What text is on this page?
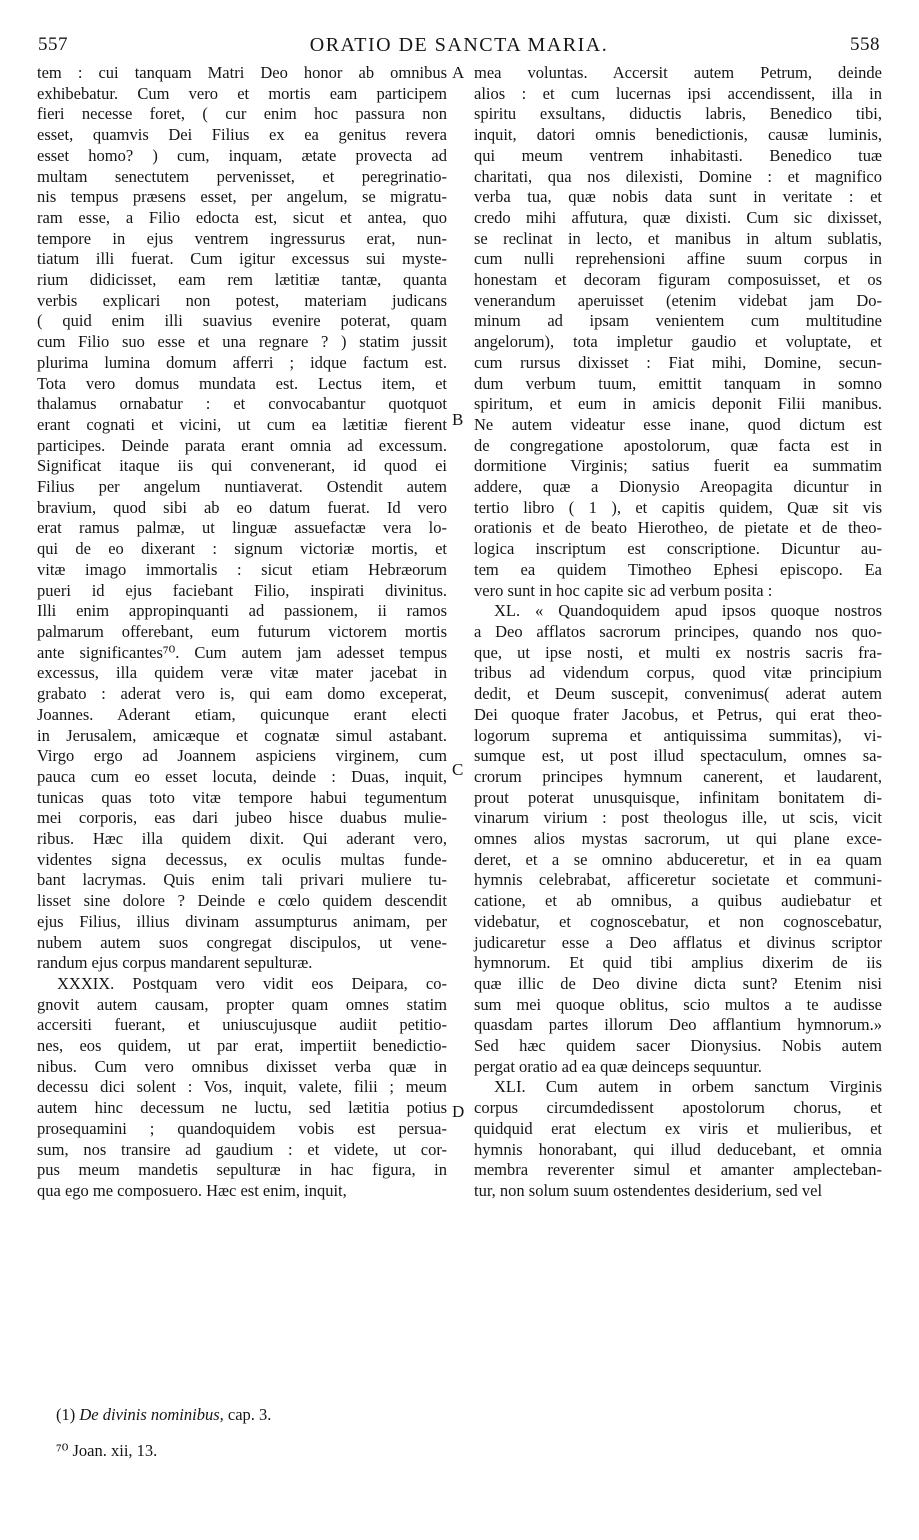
557	ORATIO DE SANCTA MARIA.	558
tem : cui tanquam Matri Deo honor ab omnibus
exhibebatur. Cum vero et mortis eam participem
fieri necesse foret, ( cur enim hoc passura non
esset, quamvis Dei Filius ex ea genitus revera
esset homo? ) cum, inquam, ætate provecta ad
multam senectutem pervenisset, et peregrinatio-
nis tempus præsens esset, per angelum, se migratu-
ram esse, a Filio edocta est, sicut et antea, quo
tempore in ejus ventrem ingressurus erat, nun-
tiatum illi fuerat. Cum igitur excessus sui myste-
rium didicisset, eam rem lætitiæ tantæ, quanta
verbis explicari non potest, materiam judicans
( quid enim illi suavius evenire poterat, quam
cum Filio suo esse et una regnare ? ) statim jussit
plurima lumina domum afferri ; idque factum est.
Tota vero domus mundata est. Lectus item, et
thalamus ornabatur : et convocabantur quotquot
erant cognati et vicini, ut cum ea lætitiæ fierent
participes. Deinde parata erant omnia ad excessum.
Significat itaque iis qui convenerant, id quod ei
Filius per angelum nuntiaverat. Ostendit autem
bravium, quod sibi ab eo datum fuerat. Id vero
erat ramus palmæ, ut linguæ assuefactæ vera lo-
qui de eo dixerant : signum victoriæ mortis, et
vitæ imago immortalis : sicut etiam Hebræorum
pueri id ejus faciebant Filio, inspirati divinitus.
Illi enim appropinquanti ad passionem, ii ramos
palmarum offerebant, eum futurum victorem mortis
ante significantes⁷⁰. Cum autem jam adesset tempus
excessus, illa quidem veræ vitæ mater jacebat in
grabato : aderat vero is, qui eam domo exceperat,
Joannes. Aderant etiam, quicunque erant electi
in Jerusalem, amicæque et cognatæ simul astabant.
Virgo ergo ad Joannem aspiciens virginem, cum
pauca cum eo esset locuta, deinde : Duas, inquit,
tunicas quas toto vitæ tempore habui tegumentum
mei corporis, eas dari jubeo hisce duabus mulie-
ribus. Hæc illa quidem dixit. Qui aderant vero,
videntes signa decessus, ex oculis multas funde-
bant lacrymas. Quis enim tali privari muliere tu-
lisset sine dolore ? Deinde e cœlo quidem descendit
ejus Filius, illius divinam assumpturus animam, per
nubem autem suos congregat discipulos, ut vene-
randum ejus corpus mandarent sepulturæ.
XXXIX. Postquam vero vidit eos Deipara, co-
gnovit autem causam, propter quam omnes statim
accersiti fuerant, et uniuscujusque audiit petitio-
nes, eos quidem, ut par erat, impertiit benedictio-
nibus. Cum vero omnibus dixisset verba quæ in
decessu dici solent : Vos, inquit, valete, filii ; meum
autem hinc decessum ne luctu, sed lætitia potius
prosequamini ; quandoquidem vobis est persua-
sum, nos transire ad gaudium : et videte, ut cor-
pus meum mandetis sepulturæ in hac figura, in
qua ego me composuero. Hæc est enim, inquit,
mea voluntas. Accersit autem Petrum, deinde
alios : et cum lucernas ipsi accendissent, illa in
spiritu exsultans, diductis labris, Benedico tibi,
inquit, datori omnis benedictionis, causæ luminis,
qui meum ventrem inhabitasti. Benedico tuæ
charitati, qua nos dilexisti, Domine : et magnifico
verba tua, quæ nobis data sunt in veritate : et
credo mihi affutura, quæ dixisti. Cum sic dixisset,
se reclinat in lecto, et manibus in altum sublatis,
cum nulli reprehensioni affine suum corpus in
honestam et decoram figuram composuisset, et os
venerandum aperuisset (etenim videbat jam Do-
minum ad ipsam venientem cum multitudine
angelorum), tota impletur gaudio et voluptate, et
cum rursus dixisset : Fiat mihi, Domine, secun-
dum verbum tuum, emittit tanquam in somno
spiritum, et eum in amicis deponit Filii manibus.
Ne autem videatur esse inane, quod dictum est
de congregatione apostolorum, quæ facta est in
dormitione Virginis; satius fuerit ea summatim
addere, quæ a Dionysio Areopagita dicuntur in
tertio libro ( 1 ), et capitis quidem, Quæ sit vis
orationis et de beato Hierotheo, de pietate et de theo-
logica inscriptum est conscriptione. Dicuntur au-
tem ea quidem Timotheo Ephesi episcopo. Ea
vero sunt in hoc capite sic ad verbum posita :
XL. « Quandoquidem apud ipsos quoque nostros
a Deo afflatos sacrorum principes, quando nos quo-
que, ut ipse nosti, et multi ex nostris sacris fra-
tribus ad videndum corpus, quod vitæ principium
dedit, et Deum suscepit, convenimus( aderat autem
Dei quoque frater Jacobus, et Petrus, qui erat theo-
logorum suprema et antiquissima summitas), vi-
sumque est, ut post illud spectaculum, omnes sa-
crorum principes hymnum canerent, et laudarent,
prout poterat unusquisque, infinitam bonitatem di-
vinarum virium : post theologus ille, ut scis, vicit
omnes alios mystas sacrorum, ut qui plane exce-
deret, et a se omnino abduceretur, et in ea quam
hymnis celebrabat, afficeretur societate et communi-
catione, et ab omnibus, a quibus audiebatur et
videbatur, et cognoscebatur, et non cognoscebatur,
judicaretur esse a Deo afflatus et divinus scriptor
hymnorum. Et quid tibi amplius dixerim de iis
quæ illic de Deo divine dicta sunt? Etenim nisi
sum mei quoque oblitus, scio multos a te audisse
quasdam partes illorum Deo afflantium hymnorum.»
Sed hæc quidem sacer Dionysius. Nobis autem
pergat oratio ad ea quæ deinceps sequuntur.
XLI. Cum autem in orbem sanctum Virginis
corpus circumdedissent apostolorum chorus, et
quidquid erat electum ex viris et mulieribus, et
hymnis honorabant, qui illud deducebant, et omnia
membra reverenter simul et amanter amplecteban-
tur, non solum suum ostendentes desiderium, sed vel
A
B
C
D
(1) De divinis nominibus, cap. 3.
⁷⁰ Joan. xii, 13.
